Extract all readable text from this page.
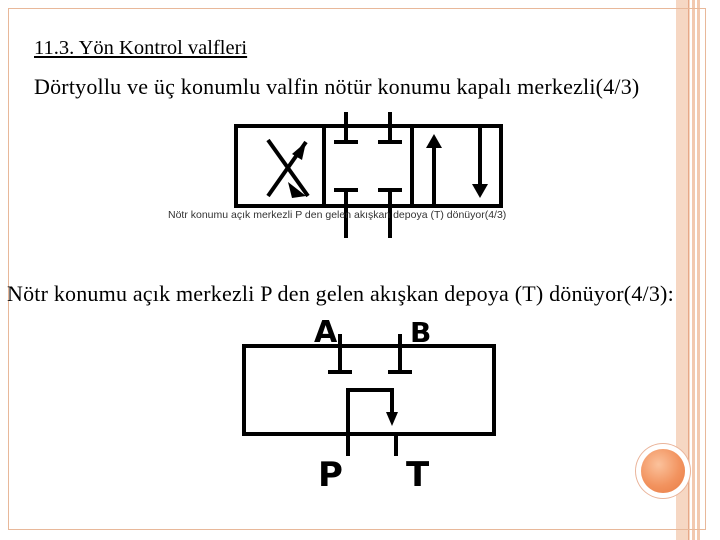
11.3. Yön Kontrol valfleri
Dörtyollu ve üç konumlu valfin nötür konumu kapalı merkezli(4/3)
Nötr konumu açık merkezli P den gelen akışkan depoya (T) dönüyor(4/3)
Nötr konumu açık merkezli P den gelen akışkan depoya (T) dönüyor(4/3):
A	B
P T
